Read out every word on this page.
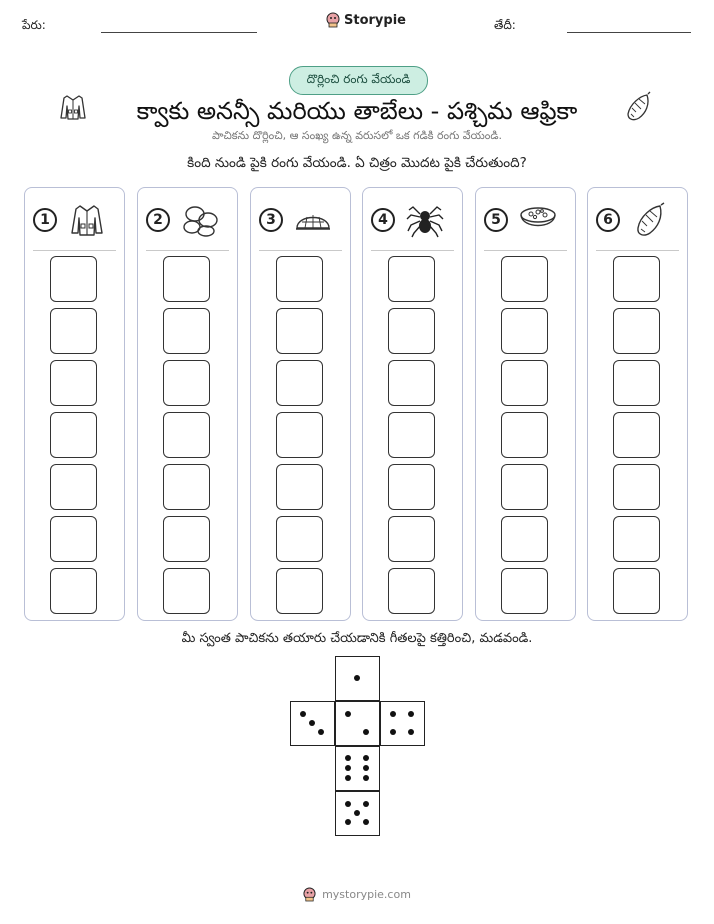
పేరు:	Storypie	తేదీ:
దొర్లించి రంగు వేయండి
క్వాకు అనన్సీ మరియు తాబేలు - పశ్చిమ ఆఫ్రికా
పాచికను దొర్లించి, ఆ సంఖ్య ఉన్న వరుసలో ఒక గడికి రంగు వేయండి.
కింది నుండి పైకి రంగు వేయండి. ఏ చిత్రం మొదట పైకి చేరుతుంది?
1	2	3	4	5	6
మీ స్వంత పాచికను తయారు చేయడానికి గీతలపై కత్తిరించి, మడవండి.
mystorypie.com
